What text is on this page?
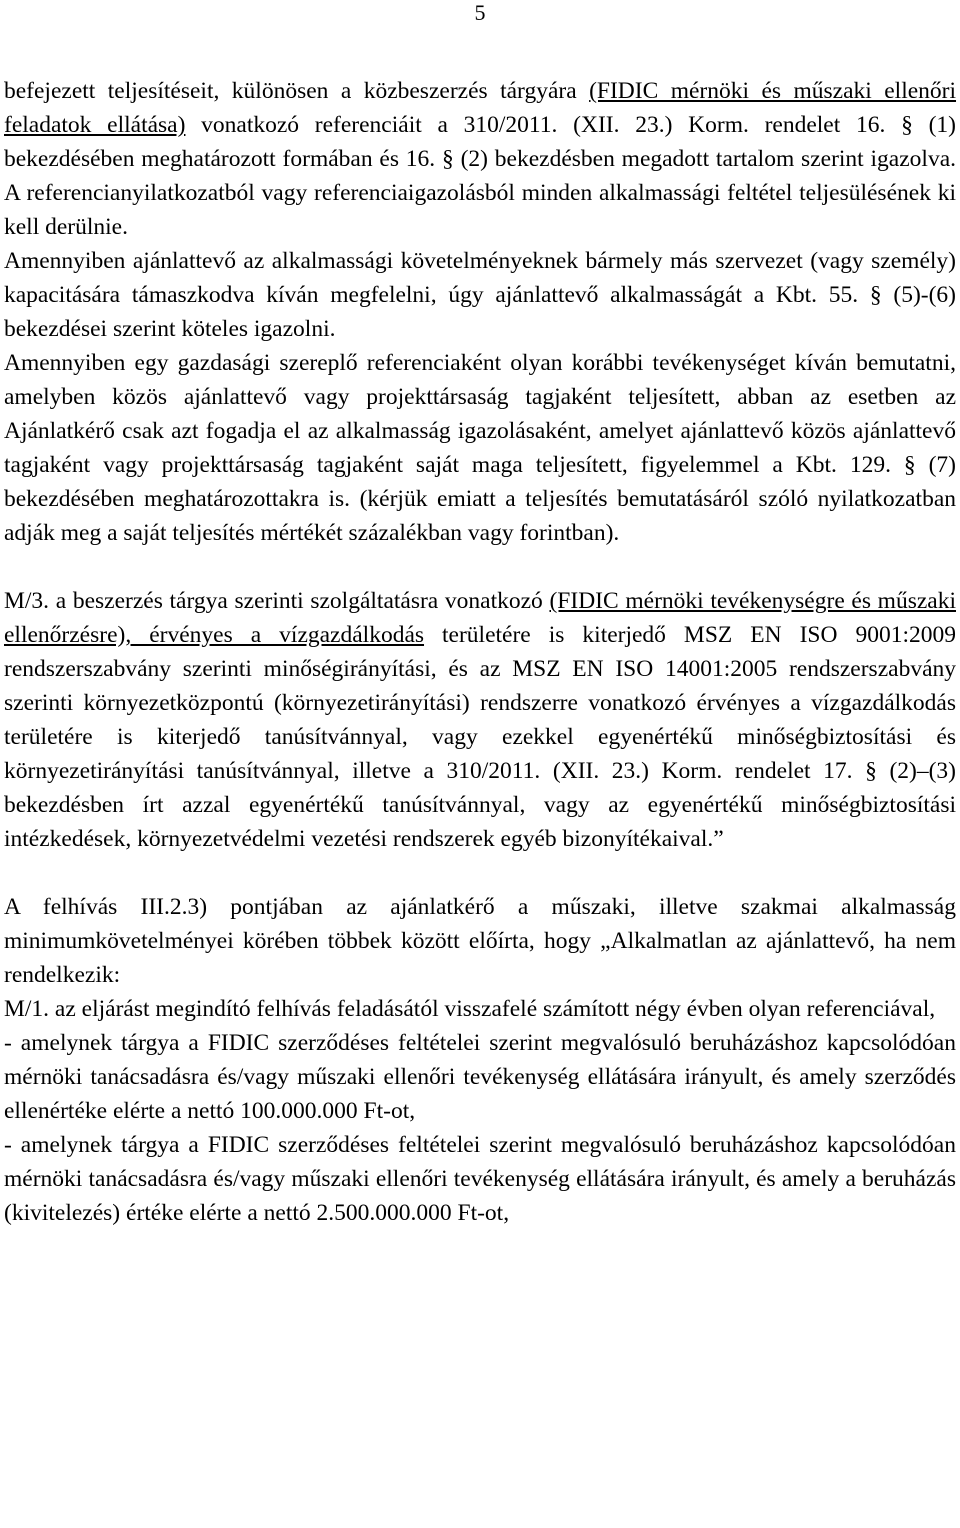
5

befejezett teljesítéseit, különösen a közbeszerzés tárgyára (FIDIC mérnöki és műszaki ellenőri feladatok ellátása) vonatkozó referenciáit a 310/2011. (XII. 23.) Korm. rendelet 16. § (1) bekezdésében meghatározott formában és 16. § (2) bekezdésben megadott tartalom szerint igazolva. A referencianyilatkozatból vagy referenciaigazolásból minden alkalmassági feltétel teljesülésének ki kell derülnie.

Amennyiben ajánlattevő az alkalmassági követelményeknek bármely más szervezet (vagy személy) kapacitására támaszkodva kíván megfelelni, úgy ajánlattevő alkalmasságát a Kbt. 55. § (5)-(6) bekezdései szerint köteles igazolni.

Amennyiben egy gazdasági szereplő referenciaként olyan korábbi tevékenységet kíván bemutatni, amelyben közös ajánlattevő vagy projekttársaság tagjaként teljesített, abban az esetben az Ajánlatkérő csak azt fogadja el az alkalmasság igazolásaként, amelyet ajánlattevő közös ajánlattevő tagjaként vagy projekttársaság tagjaként saját maga teljesített, figyelemmel a Kbt. 129. § (7) bekezdésében meghatározottakra is. (kérjük emiatt a teljesítés bemutatásáról szóló nyilatkozatban adják meg a saját teljesítés mértékét százalékban vagy forintban).

M/3. a beszerzés tárgya szerinti szolgáltatásra vonatkozó (FIDIC mérnöki tevékenységre és műszaki ellenőrzésre), érvényes a vízgazdálkodás területére is kiterjedő MSZ EN ISO 9001:2009 rendszerszabvány szerinti minőségirányítási, és az MSZ EN ISO 14001:2005 rendszerszabvány szerinti környezetközpontú (környezetirányítási) rendszerre vonatkozó érvényes a vízgazdálkodás területére is kiterjedő tanúsítvánnyal, vagy ezekkel egyenértékű minőségbiztosítási és környezetirányítási tanúsítvánnyal, illetve a 310/2011. (XII. 23.) Korm. rendelet 17. § (2)–(3) bekezdésben írt azzal egyenértékű tanúsítvánnyal, vagy az egyenértékű minőségbiztosítási intézkedések, környezetvédelmi vezetési rendszerek egyéb bizonyítékaival.”

A felhívás III.2.3) pontjában az ajánlatkérő a műszaki, illetve szakmai alkalmasság minimumkövetelményei körében többek között előírta, hogy „Alkalmatlan az ajánlattevő, ha nem rendelkezik:

M/1. az eljárást megindító felhívás feladásától visszafelé számított négy évben olyan referenciával,

- amelynek tárgya a FIDIC szerződéses feltételei szerint megvalósuló beruházáshoz kapcsolódóan mérnöki tanácsadásra és/vagy műszaki ellenőri tevékenység ellátására irányult, és amely szerződés ellenértéke elérte a nettó 100.000.000 Ft-ot,

- amelynek tárgya a FIDIC szerződéses feltételei szerint megvalósuló beruházáshoz kapcsolódóan mérnöki tanácsadásra és/vagy műszaki ellenőri tevékenység ellátására irányult, és amely a beruházás (kivitelezés) értéke elérte a nettó 2.500.000.000 Ft-ot,
